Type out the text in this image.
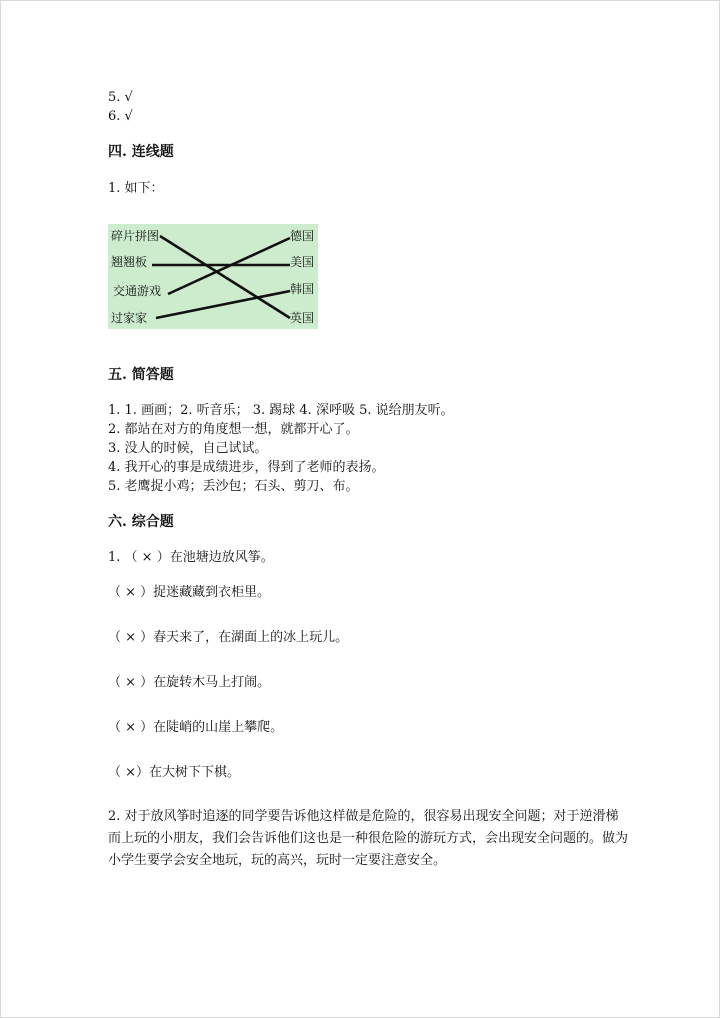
5. √
6. √
四. 连线题
1. 如下：
碎片拼图
翘翘板
交通游戏
过家家
德国
美国
韩国
英国
五. 简答题
1. 1. 画画；2. 听音乐； 3. 踢球 4. 深呼吸 5. 说给朋友听。
2. 都站在对方的角度想一想，就都开心了。
3. 没人的时候，自己试试。
4. 我开心的事是成绩进步，得到了老师的表扬。
5. 老鹰捉小鸡；丢沙包；石头、剪刀、布。
六. 综合题
1. （ × ）在池塘边放风筝。
（ × ）捉迷藏藏到衣柜里。
（ × ）春天来了，在湖面上的冰上玩儿。
（ × ）在旋转木马上打闹。
（ × ）在陡峭的山崖上攀爬。
（ ×）在大树下下棋。
2. 对于放风筝时追逐的同学要告诉他这样做是危险的，很容易出现安全问题；对于逆滑梯而上玩的小朋友，我们会告诉他们这也是一种很危险的游玩方式，会出现安全问题的。做为小学生要学会安全地玩，玩的高兴，玩时一定要注意安全。
